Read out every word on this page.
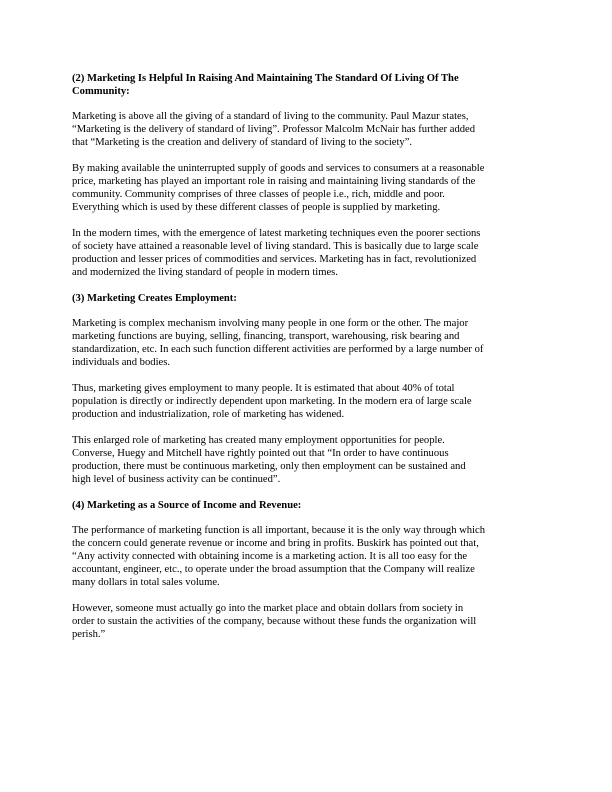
(2) Marketing Is Helpful In Raising And Maintaining The Standard Of Living Of The
Community:
Marketing is above all the giving of a standard of living to the community. Paul Mazur states,
“Marketing is the delivery of standard of living”. Professor Malcolm McNair has further added
that “Marketing is the creation and delivery of standard of living to the society”.
By making available the uninterrupted supply of goods and services to consumers at a reasonable
price, marketing has played an important role in raising and maintaining living standards of the
community. Community comprises of three classes of people i.e., rich, middle and poor.
Everything which is used by these different classes of people is supplied by marketing.
In the modern times, with the emergence of latest marketing techniques even the poorer sections
of society have attained a reasonable level of living standard. This is basically due to large scale
production and lesser prices of commodities and services. Marketing has in fact, revolutionized
and modernized the living standard of people in modern times.
(3) Marketing Creates Employment:
Marketing is complex mechanism involving many people in one form or the other. The major
marketing functions are buying, selling, financing, transport, warehousing, risk bearing and
standardization, etc. In each such function different activities are performed by a large number of
individuals and bodies.
Thus, marketing gives employment to many people. It is estimated that about 40% of total
population is directly or indirectly dependent upon marketing. In the modern era of large scale
production and industrialization, role of marketing has widened.
This enlarged role of marketing has created many employment opportunities for people.
Converse, Huegy and Mitchell have rightly pointed out that “In order to have continuous
production, there must be continuous marketing, only then employment can be sustained and
high level of business activity can be continued”.
(4) Marketing as a Source of Income and Revenue:
The performance of marketing function is all important, because it is the only way through which
the concern could generate revenue or income and bring in profits. Buskirk has pointed out that,
“Any activity connected with obtaining income is a marketing action. It is all too easy for the
accountant, engineer, etc., to operate under the broad assumption that the Company will realize
many dollars in total sales volume.
However, someone must actually go into the market place and obtain dollars from society in
order to sustain the activities of the company, because without these funds the organization will
perish.”
